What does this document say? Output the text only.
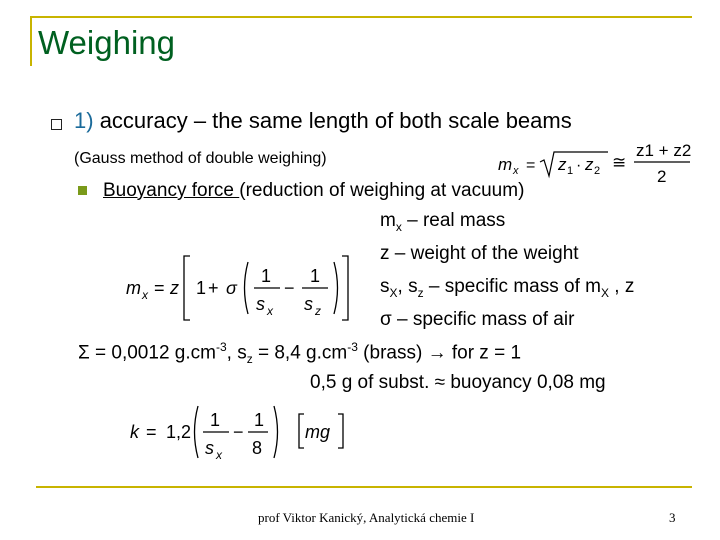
Weighing
1) accuracy – the same length of both scale beams
(Gauss method of double weighing)	m x = z 1 · z 2 ≅
z1 + z2
2
Buoyancy force (reduction of weighing at vacuum)
m x = z 1 + σ
1
s x
−
1
s z
$m_x$ – real mass
z – weight of the weight
$s_X$, $s_z$ – specific mass of $m_X$ , z
σ – specific mass of air
Σ = 0,0012 $g.cm^{-3}$, $s_z = 8,4$ $g.cm^{-3}$ (brass) → for z = 1
0,5 g of subst. ≈ buoyancy 0,08 mg
k = 1,2
1
s x
−
1
8
mg
prof Viktor Kanický, Analytická chemie I	3
